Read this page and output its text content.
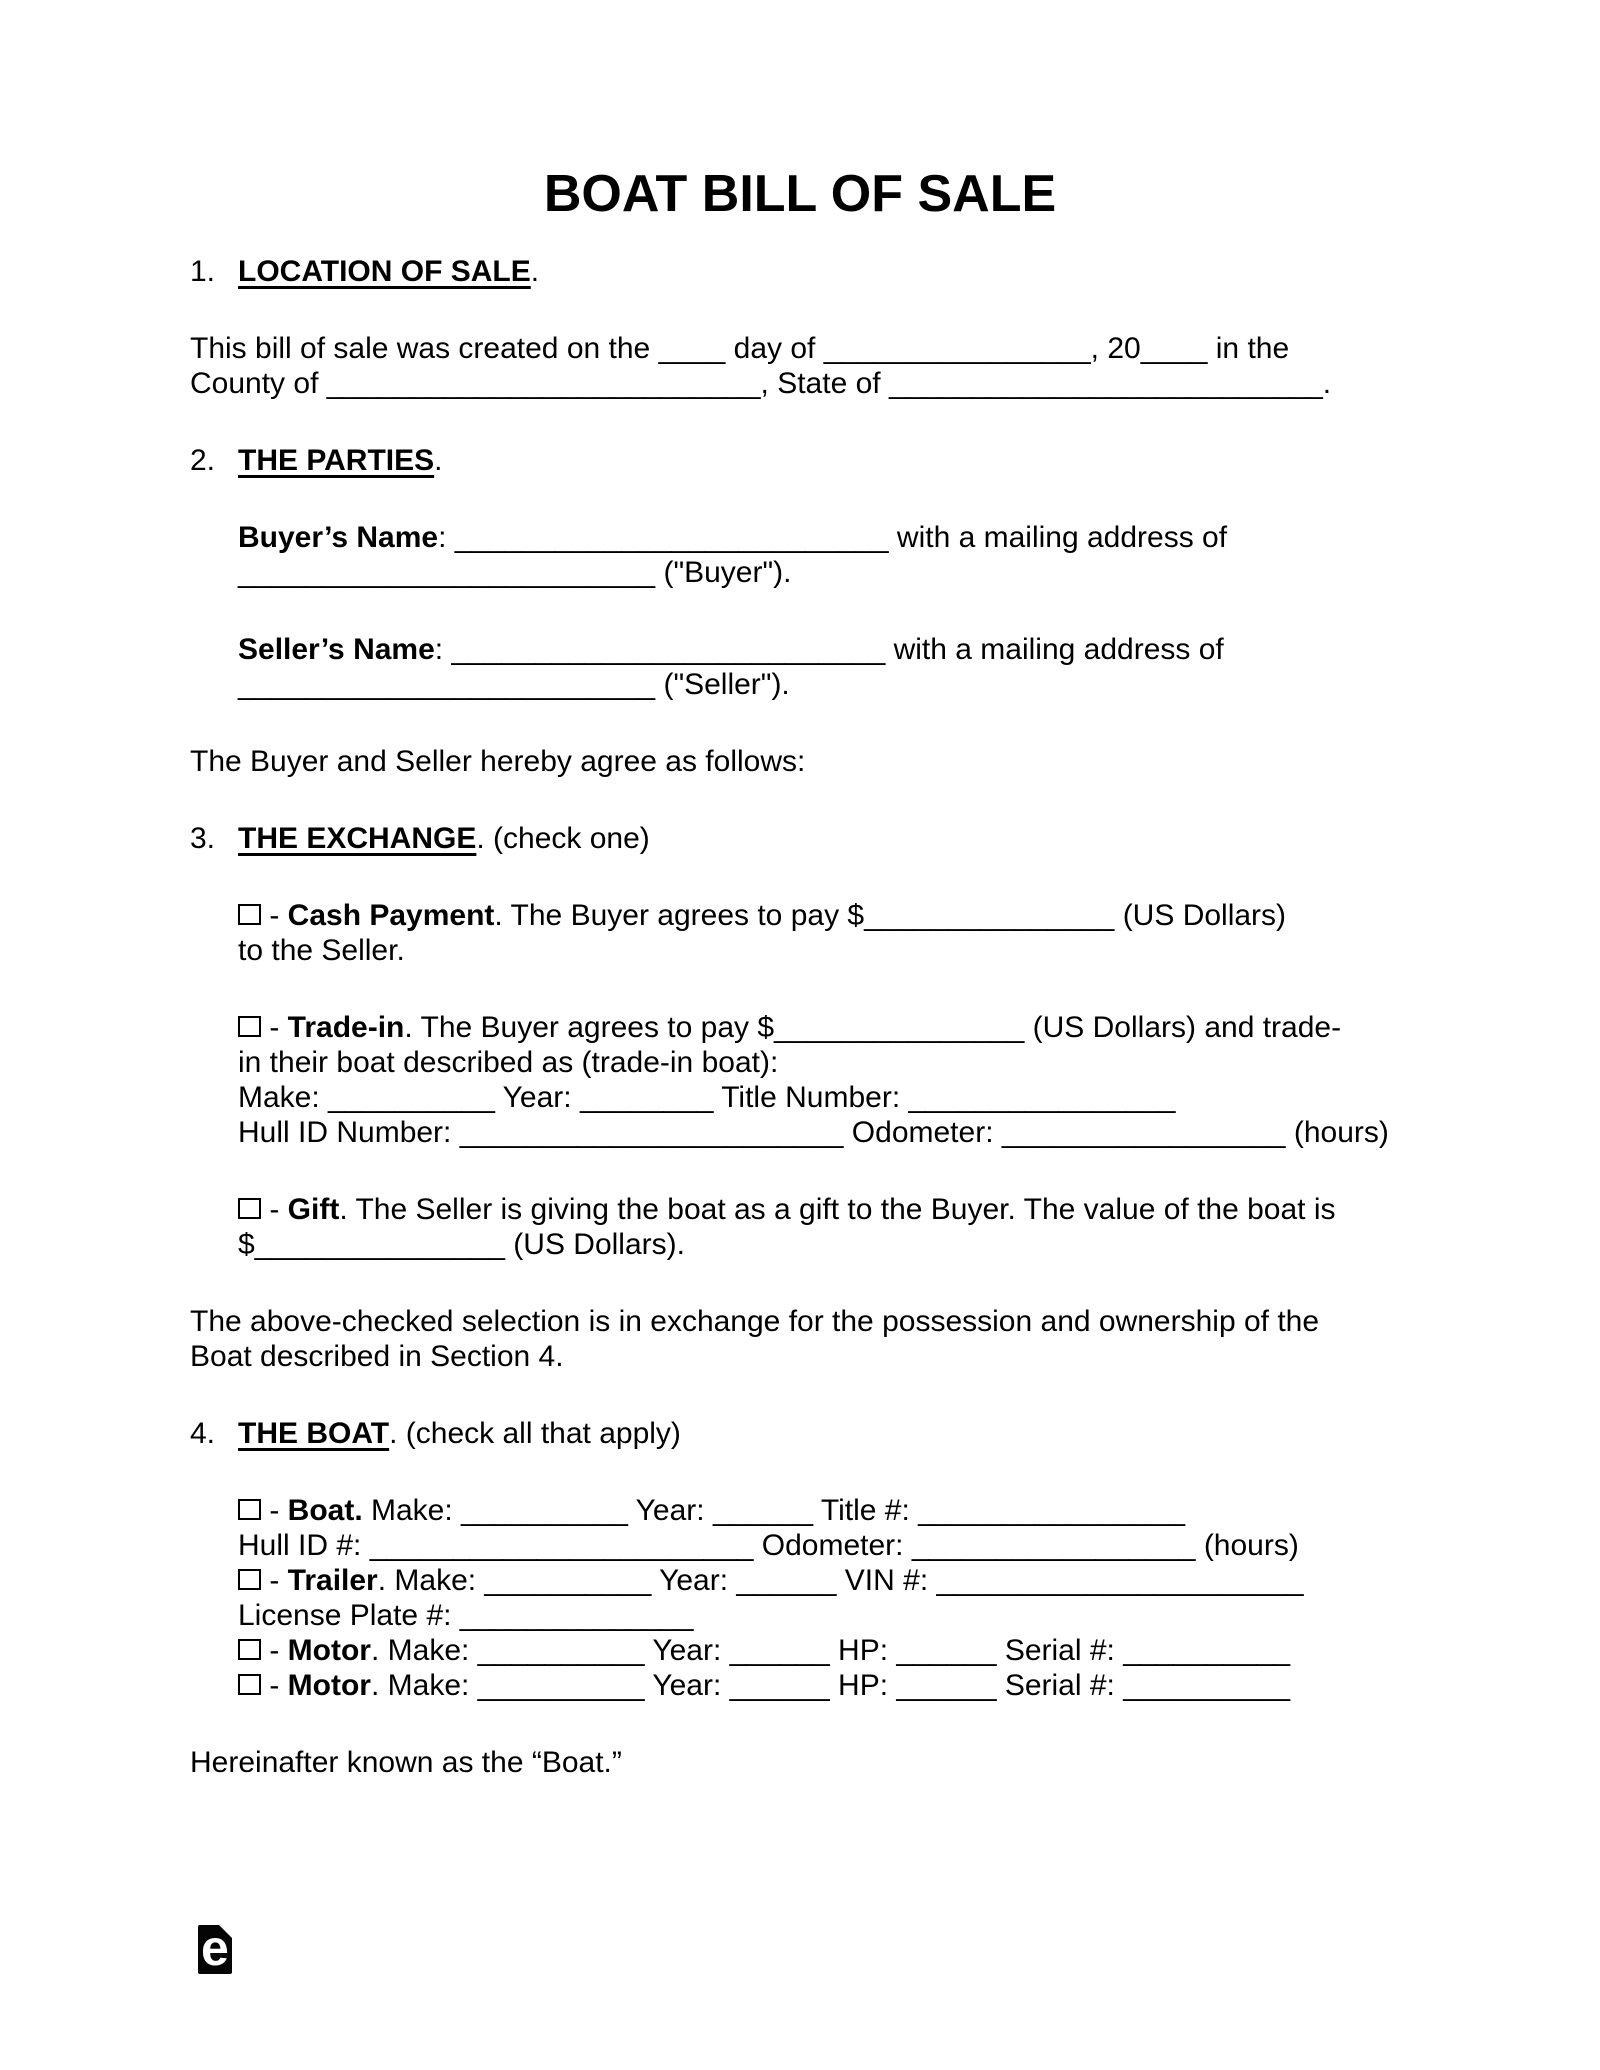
BOAT BILL OF SALE
1. LOCATION OF SALE.
This bill of sale was created on the ____ day of ________________, 20____ in the
County of __________________________, State of __________________________.
2. THE PARTIES.
Buyer’s Name: __________________________ with a mailing address of
_________________________ ("Buyer").
Seller’s Name: __________________________ with a mailing address of
_________________________ ("Seller").
The Buyer and Seller hereby agree as follows:
3. THE EXCHANGE. (check one)
- Cash Payment. The Buyer agrees to pay $_______________ (US Dollars)
to the Seller.
- Trade-in. The Buyer agrees to pay $_______________ (US Dollars) and trade-
in their boat described as (trade-in boat):
Make: __________ Year: ________ Title Number: ________________
Hull ID Number: _______________________ Odometer: _________________ (hours)
- Gift. The Seller is giving the boat as a gift to the Buyer. The value of the boat is
$_______________ (US Dollars).
The above-checked selection is in exchange for the possession and ownership of the
Boat described in Section 4.
4. THE BOAT. (check all that apply)
- Boat. Make: __________ Year: ______ Title #: ________________
Hull ID #: _______________________ Odometer: _________________ (hours)
- Trailer. Make: __________ Year: ______ VIN #: ______________________
License Plate #: ______________
- Motor. Make: __________ Year: ______ HP: ______ Serial #: __________
- Motor. Make: __________ Year: ______ HP: ______ Serial #: __________
Hereinafter known as the “Boat.”
e
